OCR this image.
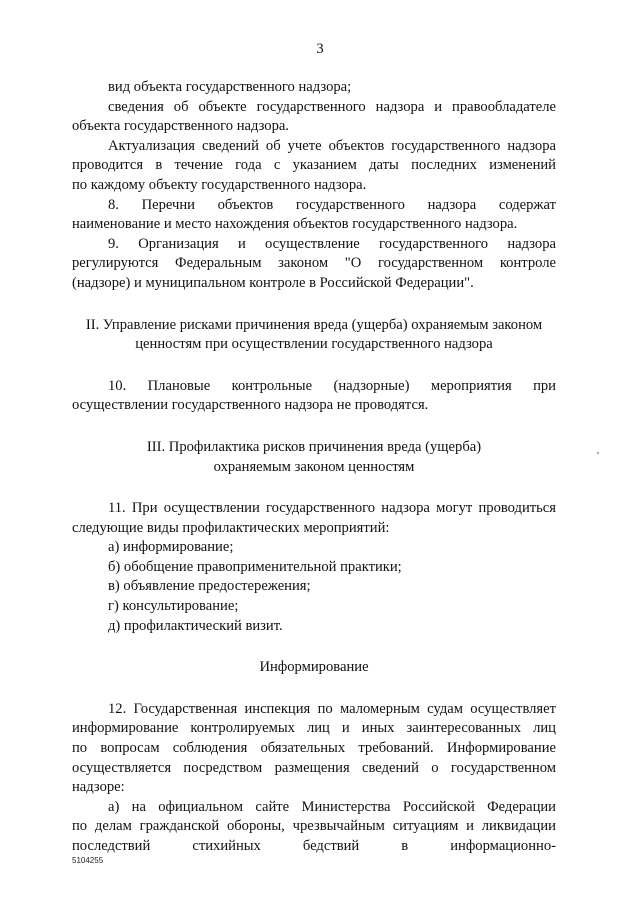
3

вид объекта государственного надзора;

сведения об объекте государственного надзора и правообладателе

объекта государственного надзора.

Актуализация сведений об учете объектов государственного надзора

проводится в течение года с указанием даты последних изменений

по каждому объекту государственного надзора.

8. Перечни объектов государственного надзора содержат

наименование и место нахождения объектов государственного надзора.

9. Организация и осуществление государственного надзора

регулируются Федеральным законом "О государственном контроле

(надзоре) и муниципальном контроле в Российской Федерации".

II. Управление рисками причинения вреда (ущерба) охраняемым законом

ценностям при осуществлении государственного надзора

10. Плановые контрольные (надзорные) мероприятия при

осуществлении государственного надзора не проводятся.

III. Профилактика рисков причинения вреда (ущерба)

охраняемым законом ценностям

11. При осуществлении государственного надзора могут проводиться

следующие виды профилактических мероприятий:

а) информирование;

б) обобщение правоприменительной практики;

в) объявление предостережения;

г) консультирование;

д) профилактический визит.

Информирование

12. Государственная инспекция по маломерным судам осуществляет

информирование контролируемых лиц и иных заинтересованных лиц

по вопросам соблюдения обязательных требований. Информирование

осуществляется посредством размещения сведений о государственном

надзоре:

а) на официальном сайте Министерства Российской Федерации

по делам гражданской обороны, чрезвычайным ситуациям и ликвидации

последствий стихийных бедствий в информационно-

5104255
